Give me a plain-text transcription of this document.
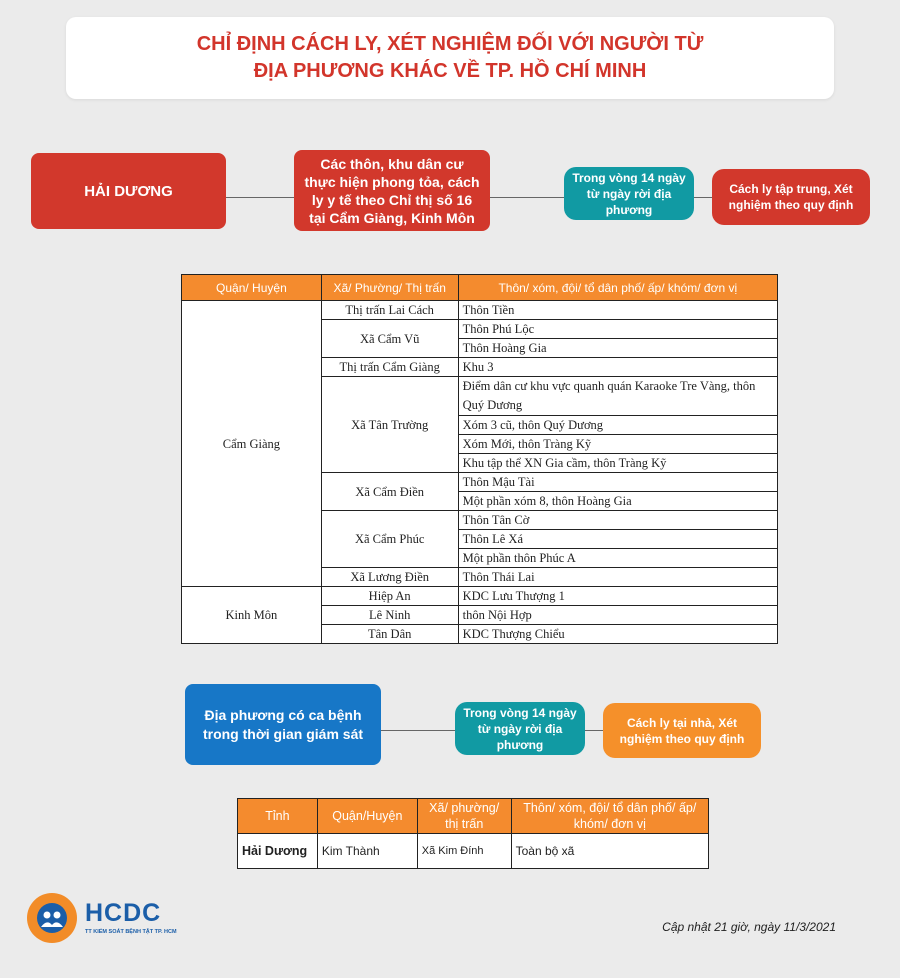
CHỈ ĐỊNH CÁCH LY, XÉT NGHIỆM ĐỐI VỚI NGƯỜI TỪ
ĐỊA PHƯƠNG KHÁC VỀ TP. HỒ CHÍ MINH
HẢI DƯƠNG
Các thôn, khu dân cư thực hiện phong tỏa, cách ly y tế theo Chỉ thị số 16 tại Cẩm Giàng, Kinh Môn
Trong vòng 14 ngày từ ngày rời địa phương
Cách ly tập trung, Xét nghiệm theo quy định
Quận/ Huyện	Xã/ Phường/ Thị trấn	Thôn/ xóm, đội/ tổ dân phố/ ấp/ khóm/ đơn vị
Cẩm Giàng	Thị trấn Lai Cách	Thôn Tiền
	Xã Cẩm Vũ	Thôn Phú Lộc
		Thôn Hoàng Gia
	Thị trấn Cẩm Giàng	Khu 3
	Xã Tân Trường	Điểm dân cư khu vực quanh quán Karaoke Tre Vàng, thôn Quý Dương
		Xóm 3 cũ, thôn Quý Dương
		Xóm Mới, thôn Tràng Kỹ
		Khu tập thể XN Gia cầm, thôn Tràng Kỹ
	Xã Cẩm Điền	Thôn Mậu Tài
		Một phần xóm 8, thôn Hoàng Gia
	Xã Cẩm Phúc	Thôn Tân Cờ
		Thôn Lê Xá
		Một phần thôn Phúc A
	Xã Lương Điền	Thôn Thái Lai
Kinh Môn	Hiệp An	KDC Lưu Thượng 1
	Lê Ninh	thôn Nội Hợp
	Tân Dân	KDC Thượng Chiểu
Địa phương có ca bệnh trong thời gian giám sát
Trong vòng 14 ngày từ ngày rời địa phương
Cách ly tại nhà, Xét nghiệm theo quy định
Tỉnh	Quận/Huyện	Xã/ phường/ thị trấn	Thôn/ xóm, đội/ tổ dân phố/ ấp/ khóm/ đơn vị
Hải Dương	Kim Thành	Xã Kim Đính	Toàn bộ xã
HCDC
TT KIỂM SOÁT BỆNH TẬT TP. HCM	Cập nhật 21 giờ, ngày 11/3/2021
